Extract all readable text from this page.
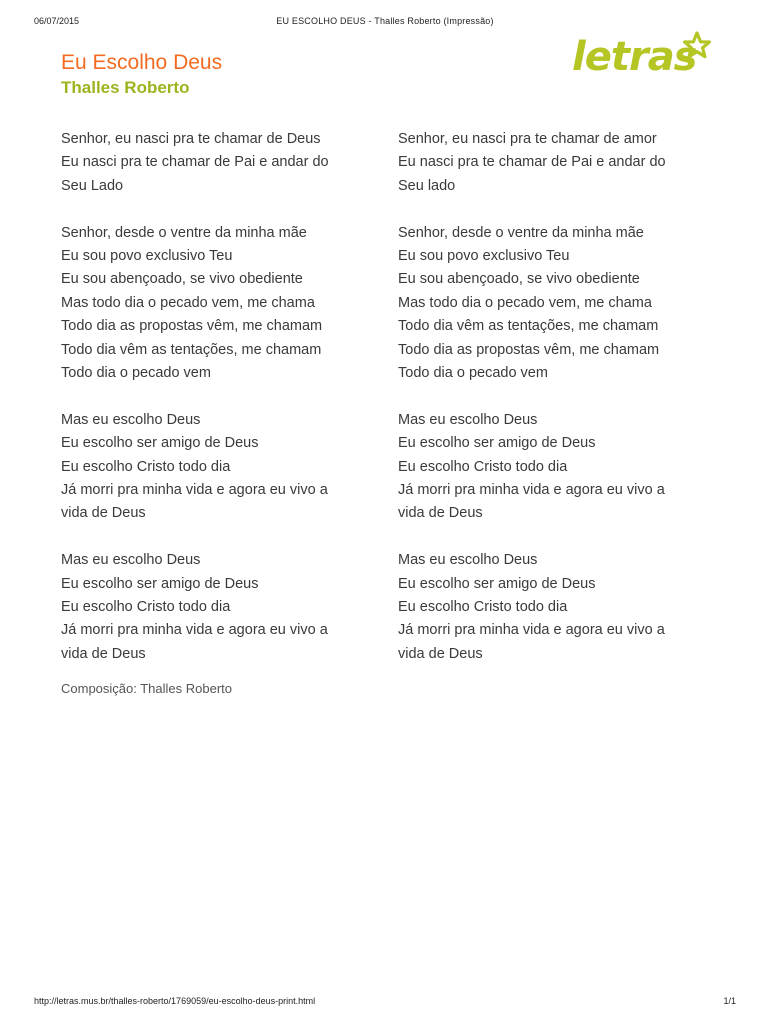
06/07/2015	EU ESCOLHO DEUS - Thalles Roberto (Impressão)
Eu Escolho Deus
Thalles Roberto
letras

Senhor, eu nasci pra te chamar de Deus
Eu nasci pra te chamar de Pai e andar do
Seu Lado

Senhor, desde o ventre da minha mãe
Eu sou povo exclusivo Teu
Eu sou abençoado, se vivo obediente
Mas todo dia o pecado vem, me chama
Todo dia as propostas vêm, me chamam
Todo dia vêm as tentações, me chamam
Todo dia o pecado vem

Mas eu escolho Deus
Eu escolho ser amigo de Deus
Eu escolho Cristo todo dia
Já morri pra minha vida e agora eu vivo a
vida de Deus

Mas eu escolho Deus
Eu escolho ser amigo de Deus
Eu escolho Cristo todo dia
Já morri pra minha vida e agora eu vivo a
vida de Deus

Senhor, eu nasci pra te chamar de amor
Eu nasci pra te chamar de Pai e andar do
Seu lado

Senhor, desde o ventre da minha mãe
Eu sou povo exclusivo Teu
Eu sou abençoado, se vivo obediente
Mas todo dia o pecado vem, me chama
Todo dia vêm as tentações, me chamam
Todo dia as propostas vêm, me chamam
Todo dia o pecado vem

Mas eu escolho Deus
Eu escolho ser amigo de Deus
Eu escolho Cristo todo dia
Já morri pra minha vida e agora eu vivo a
vida de Deus

Mas eu escolho Deus
Eu escolho ser amigo de Deus
Eu escolho Cristo todo dia
Já morri pra minha vida e agora eu vivo a
vida de Deus

Composição: Thalles Roberto
http://letras.mus.br/thalles-roberto/1769059/eu-escolho-deus-print.html	1/1
